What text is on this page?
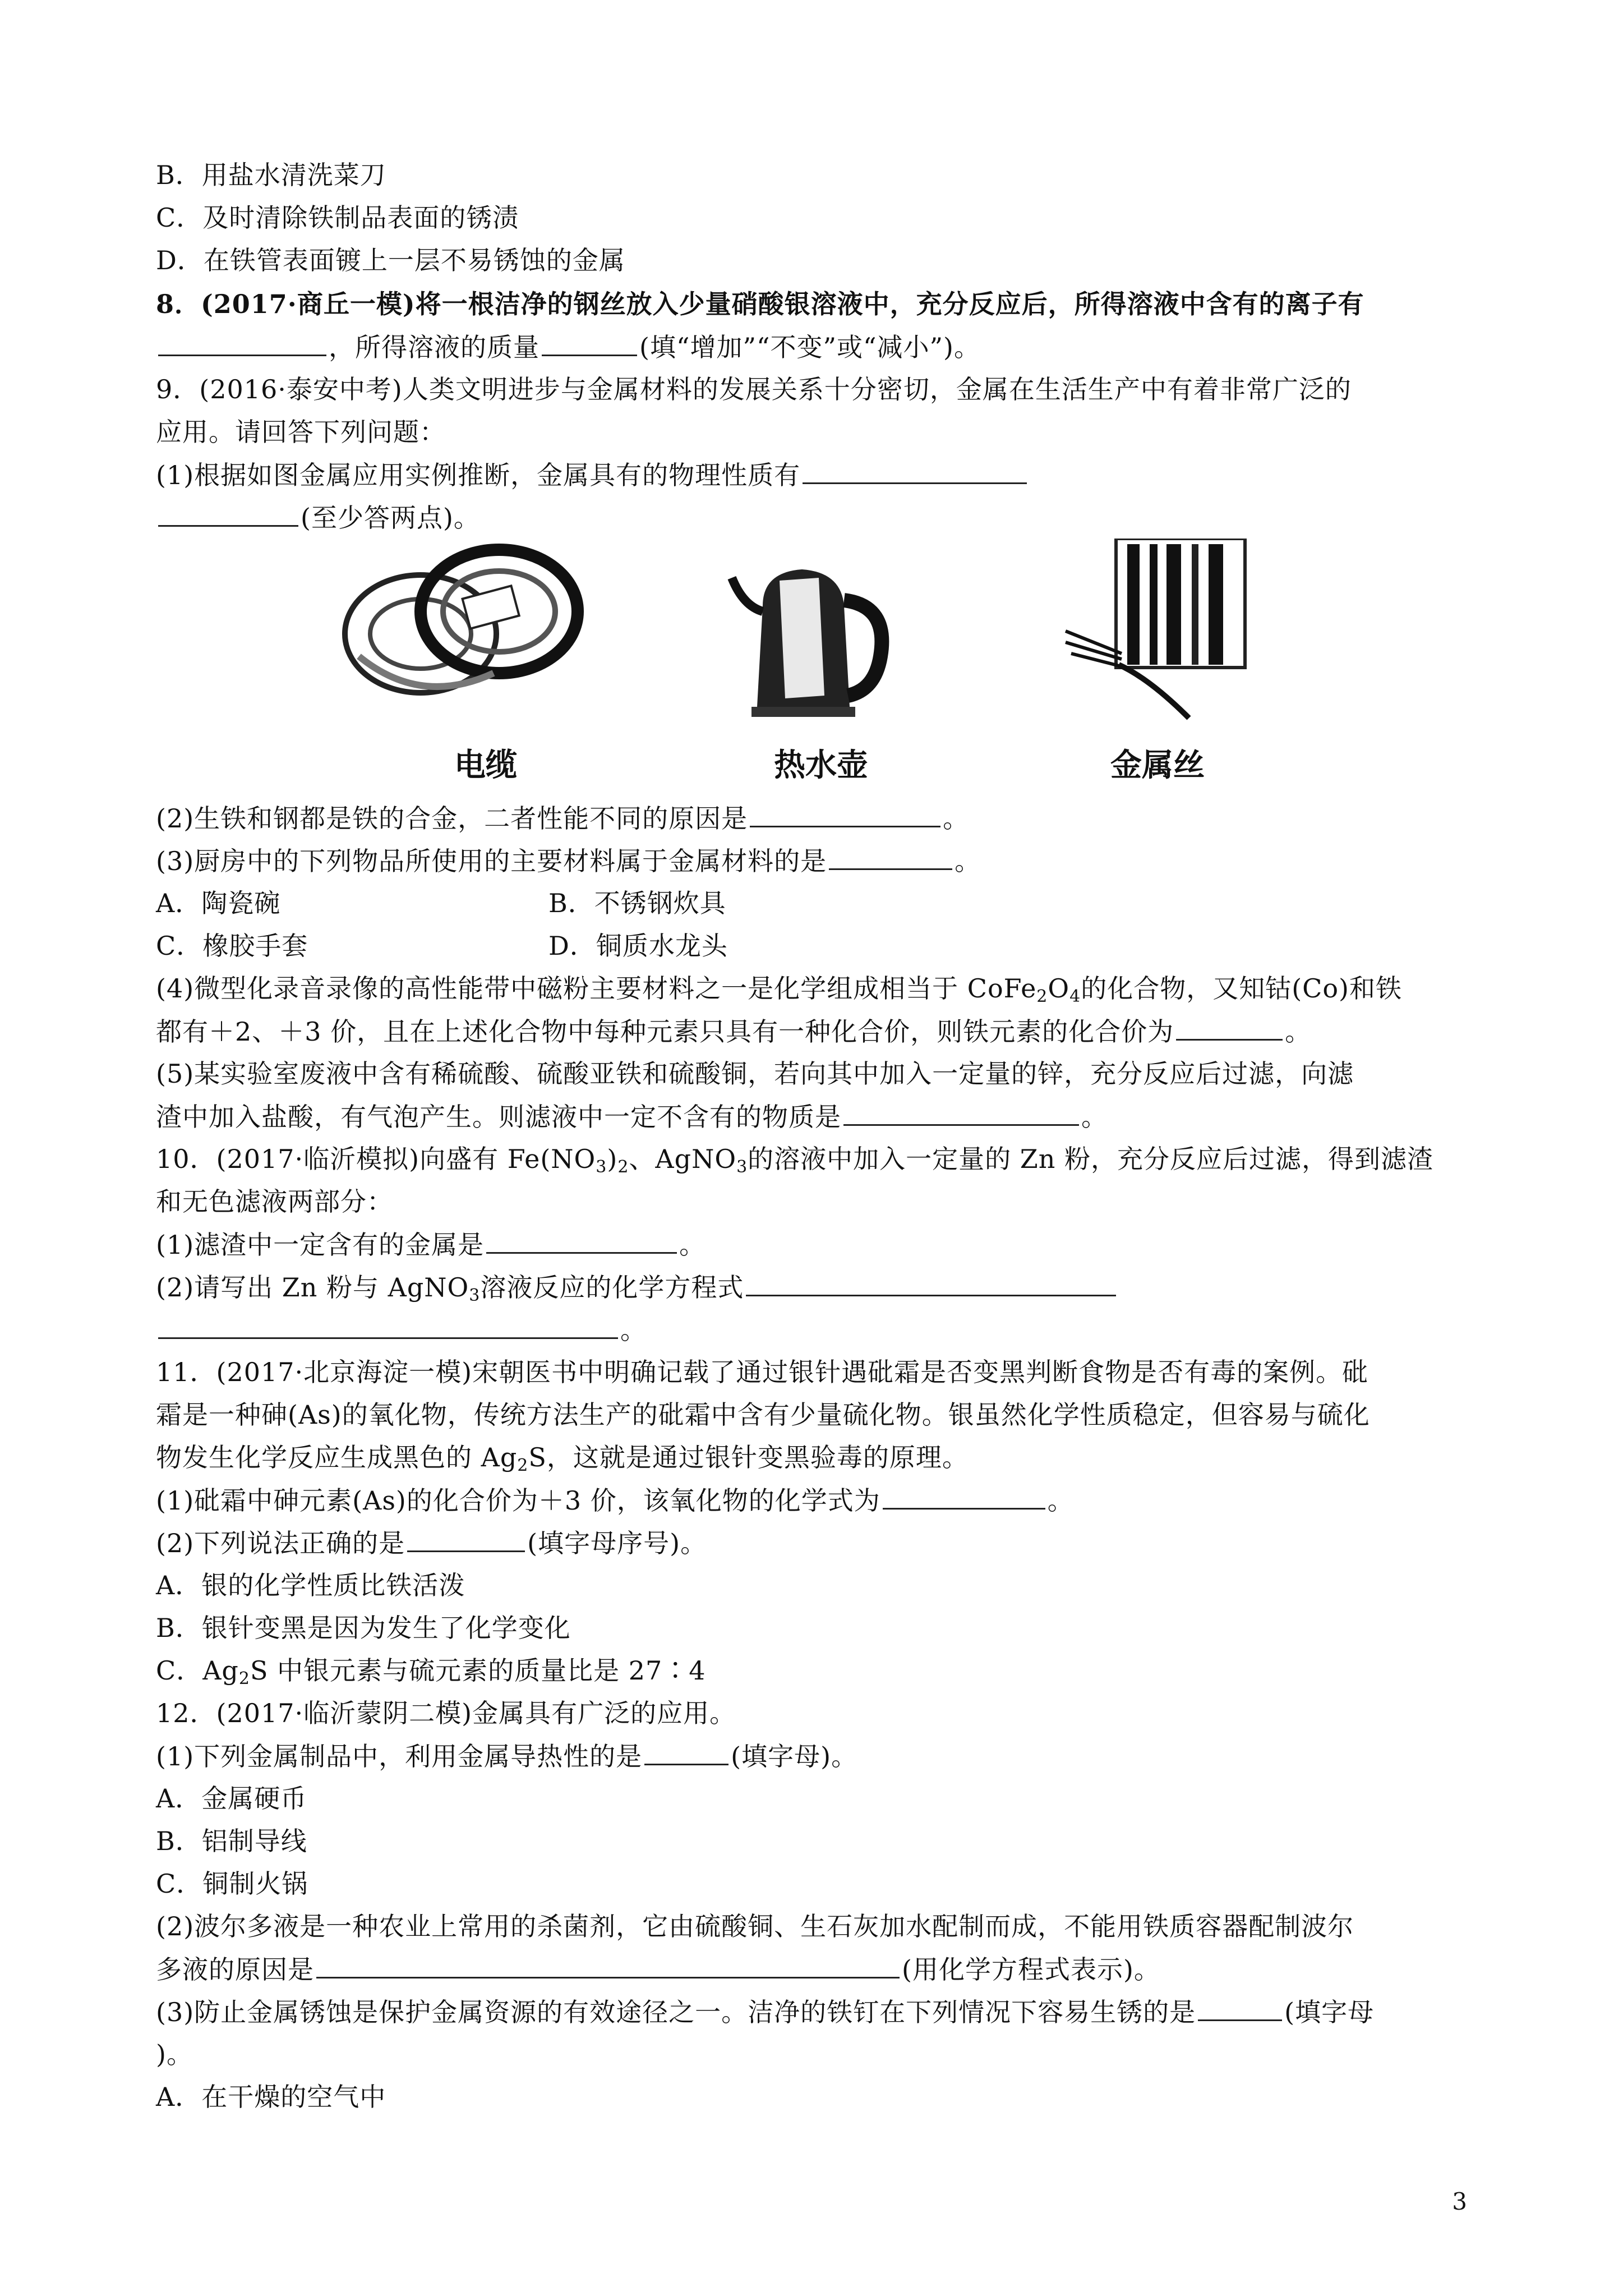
B．用盐水清洗菜刀
C．及时清除铁制品表面的锈渍
D．在铁管表面镀上一层不易锈蚀的金属
8．(2017·商丘一模)将一根洁净的钢丝放入少量硝酸银溶液中，充分反应后，所得溶液中含有的离子有
，所得溶液的质量	(填“增加”“不变”或“减小”)。
9．(2016·泰安中考)人类文明进步与金属材料的发展关系十分密切，金属在生活生产中有着非常广泛的
应用。请回答下列问题：
(1)根据如图金属应用实例推断，金属具有的物理性质有
(至少答两点)。
电缆	热水壶	金属丝
(2)生铁和钢都是铁的合金，二者性能不同的原因是	。
(3)厨房中的下列物品所使用的主要材料属于金属材料的是	。
A．陶瓷碗	B．不锈钢炊具
C．橡胶手套	D．铜质水龙头
(4)微型化录音录像的高性能带中磁粉主要材料之一是化学组成相当于 $CoFe_2O_4$的化合物，又知钴(Co)和铁
都有＋2、＋3 价，且在上述化合物中每种元素只具有一种化合价，则铁元素的化合价为	。
(5)某实验室废液中含有稀硫酸、硫酸亚铁和硫酸铜，若向其中加入一定量的锌，充分反应后过滤，向滤
渣中加入盐酸，有气泡产生。则滤液中一定不含有的物质是	。
10．(2017·临沂模拟)向盛有 $Fe(NO_3)_2$、AgNO$_3$的溶液中加入一定量的 Zn 粉，充分反应后过滤，得到滤渣
和无色滤液两部分：
(1)滤渣中一定含有的金属是	。
(2)请写出 Zn 粉与 AgNO$_3$溶液反应的化学方程式
。
11．(2017·北京海淀一模)宋朝医书中明确记载了通过银针遇砒霜是否变黑判断食物是否有毒的案例。砒
霜是一种砷(As)的氧化物，传统方法生产的砒霜中含有少量硫化物。银虽然化学性质稳定，但容易与硫化
物发生化学反应生成黑色的 $Ag_2S$，这就是通过银针变黑验毒的原理。
(1)砒霜中砷元素(As)的化合价为＋3 价，该氧化物的化学式为	。
(2)下列说法正确的是	(填字母序号)。
A．银的化学性质比铁活泼
B．银针变黑是因为发生了化学变化
C．$Ag_2S$ 中银元素与硫元素的质量比是 27∶4
12．(2017·临沂蒙阴二模)金属具有广泛的应用。
(1)下列金属制品中，利用金属导热性的是	(填字母)。
A．金属硬币
B．铝制导线
C．铜制火锅
(2)波尔多液是一种农业上常用的杀菌剂，它由硫酸铜、生石灰加水配制而成，不能用铁质容器配制波尔
多液的原因是	(用化学方程式表示)。
(3)防止金属锈蚀是保护金属资源的有效途径之一。洁净的铁钉在下列情况下容易生锈的是	(填字母
)。
A．在干燥的空气中
3
